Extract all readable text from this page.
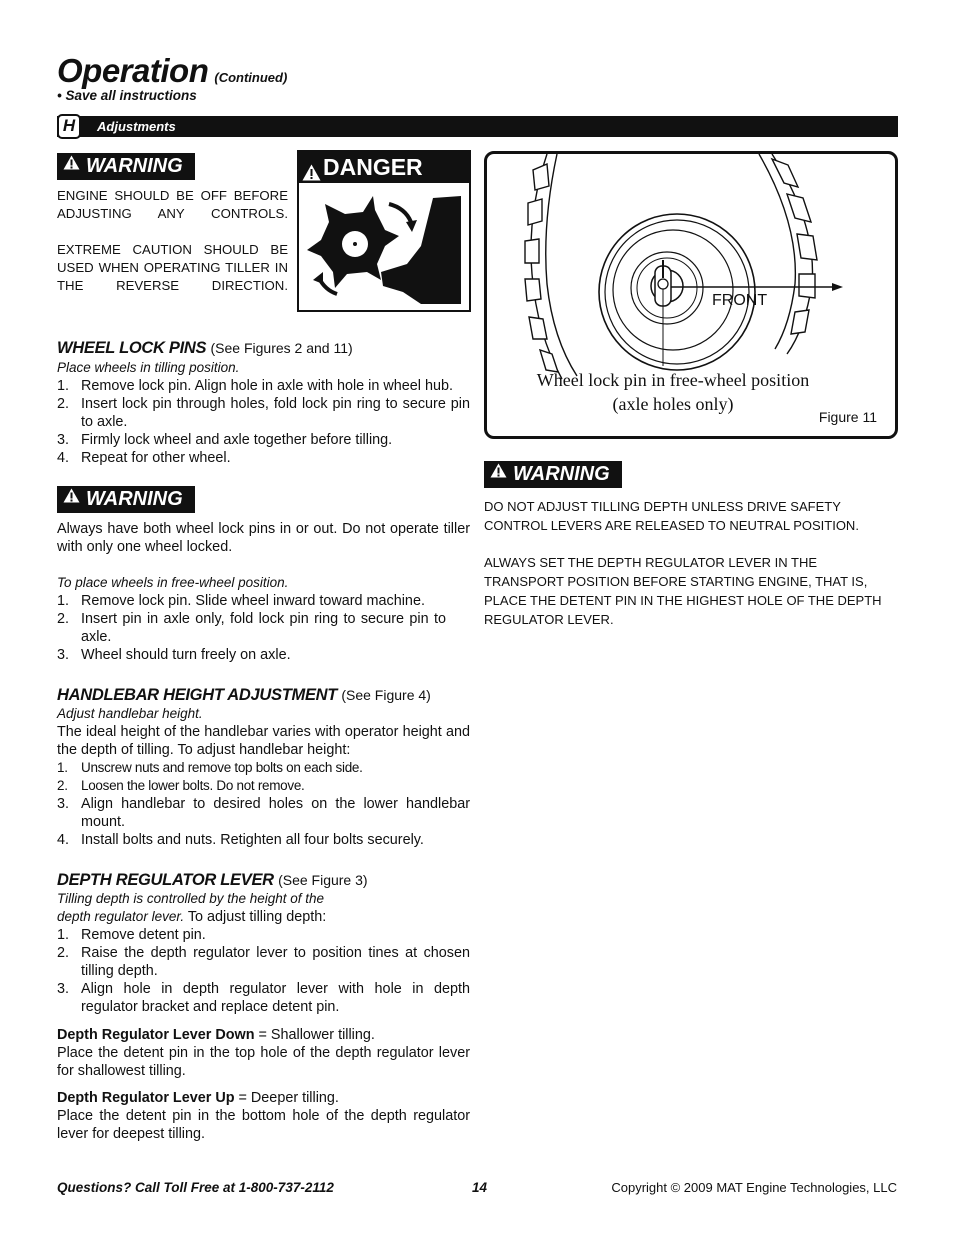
Operation (Continued)
• Save all instructions
H	Adjustments
WARNING
ENGINE SHOULD BE OFF BEFORE ADJUSTING ANY CONTROLS.
EXTREME CAUTION SHOULD BE USED WHEN OPERATING TILLER IN THE REVERSE DIRECTION.
DANGER
FRONT
Wheel lock pin in free-wheel position
(axle holes only)
Figure 11
WHEEL LOCK PINS (See Figures 2 and 11)
Place wheels in tilling position.
1. Remove lock pin. Align hole in axle with hole in wheel hub.
2. Insert lock pin through holes, fold lock pin ring to secure pin to axle.
3. Firmly lock wheel and axle together before tilling.
4. Repeat for other wheel.
WARNING
Always have both wheel lock pins in or out. Do not operate tiller with only one wheel locked.
To place wheels in free-wheel position.
1. Remove lock pin. Slide wheel inward toward machine.
2. Insert pin in axle only, fold lock pin ring to secure pin to axle.
3. Wheel should turn freely on axle.
HANDLEBAR HEIGHT ADJUSTMENT (See Figure 4)
Adjust handlebar height.
The ideal height of the handlebar varies with operator height and the depth of tilling. To adjust handlebar height:
1. Unscrew nuts and remove top bolts on each side.
2. Loosen the lower bolts. Do not remove.
3. Align handlebar to desired holes on the lower handlebar mount.
4. Install bolts and nuts. Retighten all four bolts securely.
DEPTH REGULATOR LEVER (See Figure 3)
Tilling depth is controlled by the height of the
depth regulator lever. To adjust tilling depth:
1. Remove detent pin.
2. Raise the depth regulator lever to position tines at chosen tilling depth.
3. Align hole in depth regulator lever with hole in depth regulator bracket and replace detent pin.
Depth Regulator Lever Down = Shallower tilling.
Place the detent pin in the top hole of the depth regulator lever for shallowest tilling.
Depth Regulator Lever Up = Deeper tilling.
Place the detent pin in the bottom hole of the depth regulator lever for deepest tilling.
WARNING
DO NOT ADJUST TILLING DEPTH UNLESS DRIVE SAFETY CONTROL LEVERS ARE RELEASED TO NEUTRAL POSITION.
ALWAYS SET THE DEPTH REGULATOR LEVER IN THE TRANSPORT POSITION BEFORE STARTING ENGINE, THAT IS, PLACE THE DETENT PIN IN THE HIGHEST HOLE OF THE DEPTH REGULATOR LEVER.
Questions? Call Toll Free at 1-800-737-2112	14	Copyright © 2009 MAT Engine Technologies, LLC
